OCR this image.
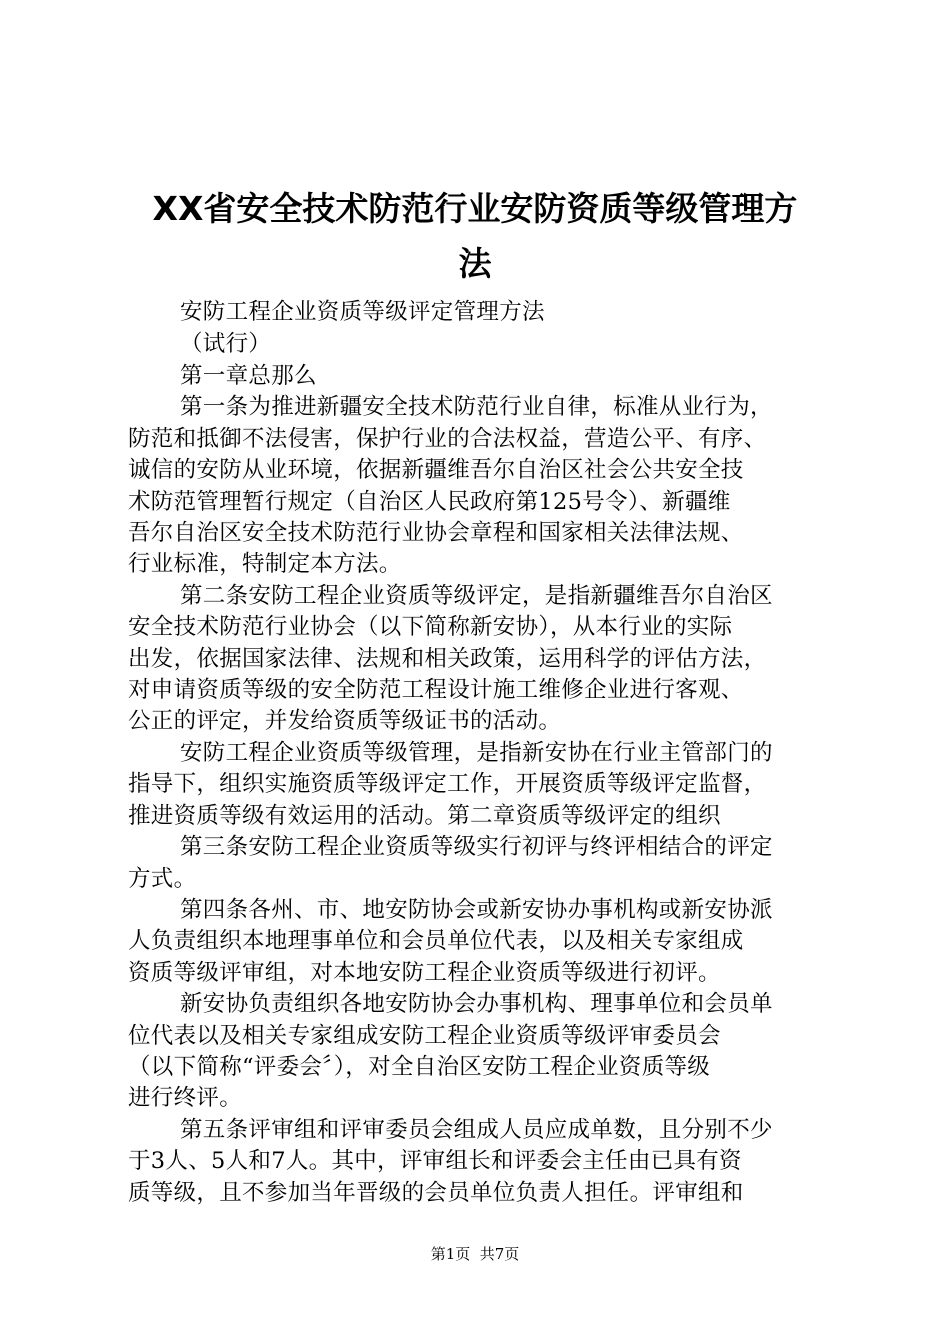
XX省安全技术防范行业安防资质等级管理方
法
安防工程企业资质等级评定管理方法
（试行）
第一章总那么
第一条为推进新疆安全技术防范行业自律，标准从业行为，
防范和抵御不法侵害，保护行业的合法权益，营造公平、有序、
诚信的安防从业环境，依据新疆维吾尔自治区社会公共安全技
术防范管理暂行规定（自治区人民政府第125号令）、新疆维
吾尔自治区安全技术防范行业协会章程和国家相关法律法规、
行业标准，特制定本方法。
第二条安防工程企业资质等级评定，是指新疆维吾尔自治区
安全技术防范行业协会（以下简称新安协），从本行业的实际
出发，依据国家法律、法规和相关政策，运用科学的评估方法，
对申请资质等级的安全防范工程设计施工维修企业进行客观、
公正的评定，并发给资质等级证书的活动。
安防工程企业资质等级管理，是指新安协在行业主管部门的
指导下，组织实施资质等级评定工作，开展资质等级评定监督，
推进资质等级有效运用的活动。第二章资质等级评定的组织
第三条安防工程企业资质等级实行初评与终评相结合的评定
方式。
第四条各州、市、地安防协会或新安协办事机构或新安协派
人负责组织本地理事单位和会员单位代表，以及相关专家组成
资质等级评审组，对本地安防工程企业资质等级进行初评。
新安协负责组织各地安防协会办事机构、理事单位和会员单
位代表以及相关专家组成安防工程企业资质等级评审委员会
（以下简称“评委会〞），对全自治区安防工程企业资质等级
进行终评。
第五条评审组和评审委员会组成人员应成单数，且分别不少
于3人、5人和7人。其中，评审组长和评委会主任由已具有资
质等级，且不参加当年晋级的会员单位负责人担任。评审组和
第1页  共7页
